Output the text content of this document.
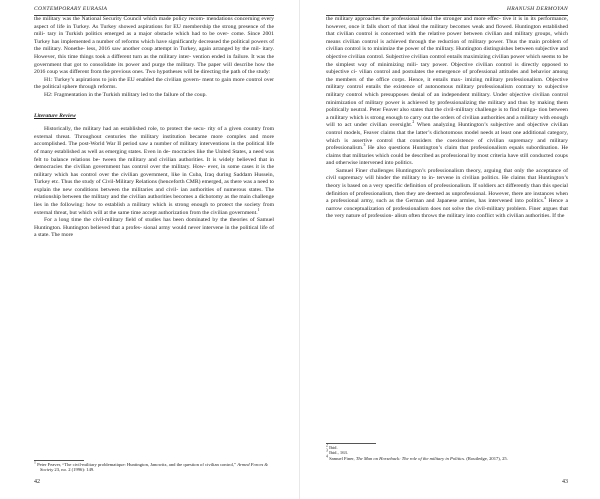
CONTEMPORARY EURASIA

the military was the National Security Council which made policy recom- mendations concerning every aspect of life in Turkey. As Turkey showed aspirations for EU membership the strong presence of the mili- tary in Turkish politics emerged as a major obstacle which had to be over- come. Since 2001 Turkey has implemented a number of reforms which have significantly decreased the political powers of the military. Nonethe- less, 2016 saw another coup attempt in Turkey, again arranged by the mil- itary. However, this time things took a different turn as the military inter- vention ended in failure. It was the government that got to consolidate its power and purge the military. The paper will describe how the 2016 coup was different from the previous ones. Two hypotheses will be directing the path of the study:

H1: Turkey’s aspirations to join the EU enabled the civilian govern- ment to gain more control over the political sphere through reforms.

H2: Fragmentation in the Turkish military led to the failure of the coup.

Literature Review

Historically, the military had an established role, to protect the secu- rity of a given country from external threat. Throughout centuries the military institution became more complex and more accomplished. The post-World War II period saw a number of military interventions in the political life of many established as well as emerging states. Even in de- mocracies like the United States, a need was felt to balance relations be- tween the military and civilian authorities. It is widely believed that in democracies the civilian government has control over the military. How- ever, in some cases it is the military which has control over the civilian government, like in Cuba, Iraq during Saddam Hussein, Turkey etc. Thus the study of Civil-Military Relations (henceforth CMR) emerged, as there was a need to explain the new conditions between the militaries and civil- ian authorities of numerous states. The relationship between the military and the civilian authorities becomes a dichotomy as the main challenge lies in the following: how to establish a military which is strong enough to protect the society from external threat, but which will at the same time accept authorization from the civilian government.$^1$

For a long time the civil-military field of studies has been dominated by the theories of Samuel Huntington. Huntington believed that a profes- sional army would never intervene in the political life of a state. The more

$^1$ Peter Feaver, “The civil-military problematique: Huntington, Janowitz, and the question of civilian control,” Armed Forces & Society 23, no. 2 (1996): 149.

42
HRANUSH DERMOYAN

the military approaches the professional ideal the stronger and more effec- tive it is in its performance, however, once it falls short of that ideal the military becomes weak and flowed. Huntington established that civilian control is concerned with the relative power between civilian and military groups, which means civilian control is achieved through the reduction of military power. Thus the main problem of civilian control is to minimize the power of the military. Huntington distinguishes between subjective and objective civilian control. Subjective civilian control entails maximizing civilian power which seems to be the simplest way of minimizing mili- tary power. Objective civilian control is directly opposed to subjective ci- vilian control and postulates the emergence of professional attitudes and behavior among the members of the office corps. Hence, it entails max- imizing military professionalism. Objective military control entails the existence of autonomous military professionalism contrary to subjective military control which presupposes denial of an independent military. Under objective civilian control minimization of military power is achieved by professionalizing the military and thus by making them politically neutral. Peter Feaver also states that the civil-military challenge is to find mitiga- tion between a military which is strong enough to carry out the orders of civilian authorities and a military with enough will to act under civilian oversight.$^2$ When analyzing Huntington’s subjective and objective civilian control models, Feaver claims that the latter’s dichotomous model needs at least one additional category, which is assertive control that considers the coexistence of civilian supremacy and military professionalism.$^3$ He also questions Huntington’s claim that professionalism equals subordination. He claims that militaries which could be described as professional by most criteria have still conducted coups and otherwise intervened into politics.

Samuel Finer challenges Huntington’s professionalism theory, arguing that only the acceptance of civil supremacy will hinder the military to in- tervene in civilian politics. He claims that Huntington’s theory is based on a very specific definition of professionalism. If soldiers act differently than this special definition of professionalism, then they are deemed as unprofessional. However, there are instances when a professional army, such as the German and Japanese armies, has intervened into politics.$^4$ Hence a narrow conceptualization of professionalism does not solve the civil-military problem. Finer argues that the very nature of profession- alism often throws the military into conflict with civilian authorities. If the

$^2$ Ibid.

$^3$ Ibid., 163.

$^4$ Samuel Finer, The Man on Horseback: The role of the military in Politics. (Routledge, 2017), 25.

43
